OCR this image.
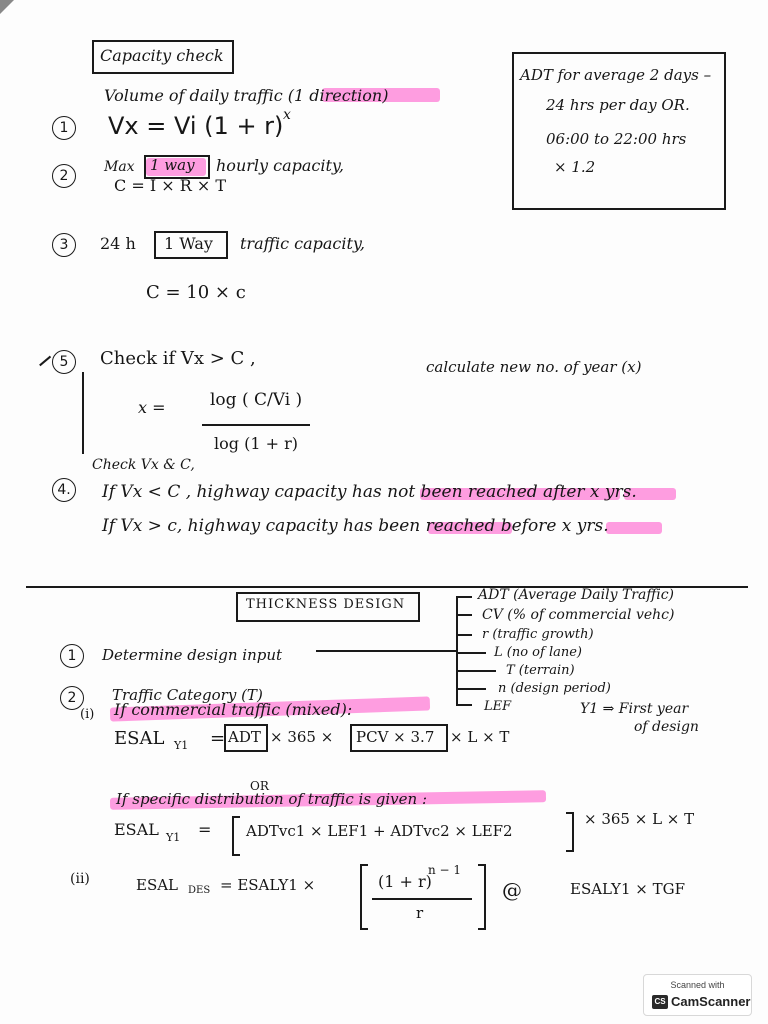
Capacity check
Volume of daily traffic (1 direction)
1	Vx = Vi (1 + r) x
2
Max 1 way hourly capacity,
C = I × R × T
3	24 h 1 Way traffic capacity,
C = 10 × c
5	Check if Vx > C ,	calculate new no. of year (x)
x =	log ( C/Vi )
log (1 + r)
Check Vx & C,
4.	If Vx < C , highway capacity has not been reached after x yrs.
If Vx > c, highway capacity has been reached before x yrs.
ADT for average 2 days –
24 hrs per day OR.
06:00 to 22:00 hrs
× 1.2
THICKNESS DESIGN
ADT (Average Daily Traffic)
CV (% of commercial vehc)
r (traffic growth)
L (no of lane)
T (terrain)
n (design period)
LEF
1	Determine design input
2	Traffic Category (T)
(i) If commercial traffic (mixed):	Y1 ⇒ First year
of design
ESAL Y1 = ADT × 365 × PCV × 3.7 × L × T
OR
If specific distribution of traffic is given :
ESAL Y1 = ADTvc1 × LEF1 + ADTvc2 × LEF2
× 365 × L × T
(ii)	ESAL DES = ESALY1 ×	(1 + r)
n − 1
r
@	ESALY1 × TGF
Scanned with
CS CamScanner
